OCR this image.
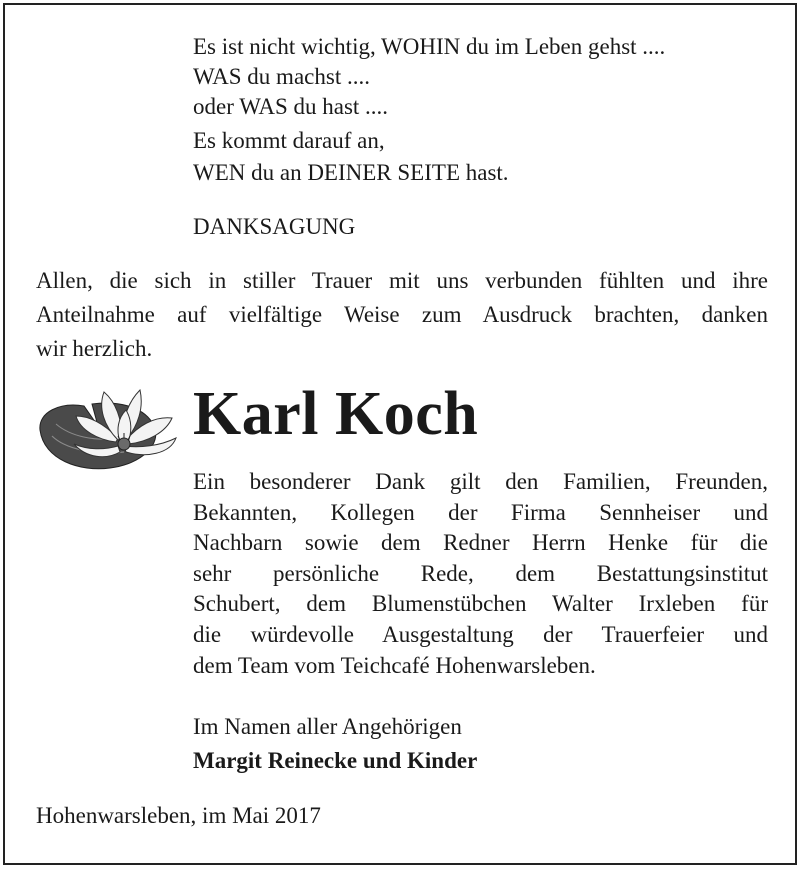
Es ist nicht wichtig, WOHIN du im Leben gehst ....
WAS du machst ....
oder WAS du hast ....
Es kommt darauf an,
WEN du an DEINER SEITE hast.
DANKSAGUNG
Allen, die sich in stiller Trauer mit uns verbunden fühlten und ihre
Anteilnahme auf vielfältige Weise zum Ausdruck brachten, danken
wir herzlich.
Karl Koch
Ein besonderer Dank gilt den Familien, Freunden,
Bekannten, Kollegen der Firma Sennheiser und
Nachbarn sowie dem Redner Herrn Henke für die
sehr persönliche Rede, dem Bestattungsinstitut
Schubert, dem Blumenstübchen Walter Irxleben für
die würdevolle Ausgestaltung der Trauerfeier und
dem Team vom Teichcafé Hohenwarsleben.
Im Namen aller Angehörigen
Margit Reinecke und Kinder
Hohenwarsleben, im Mai 2017
